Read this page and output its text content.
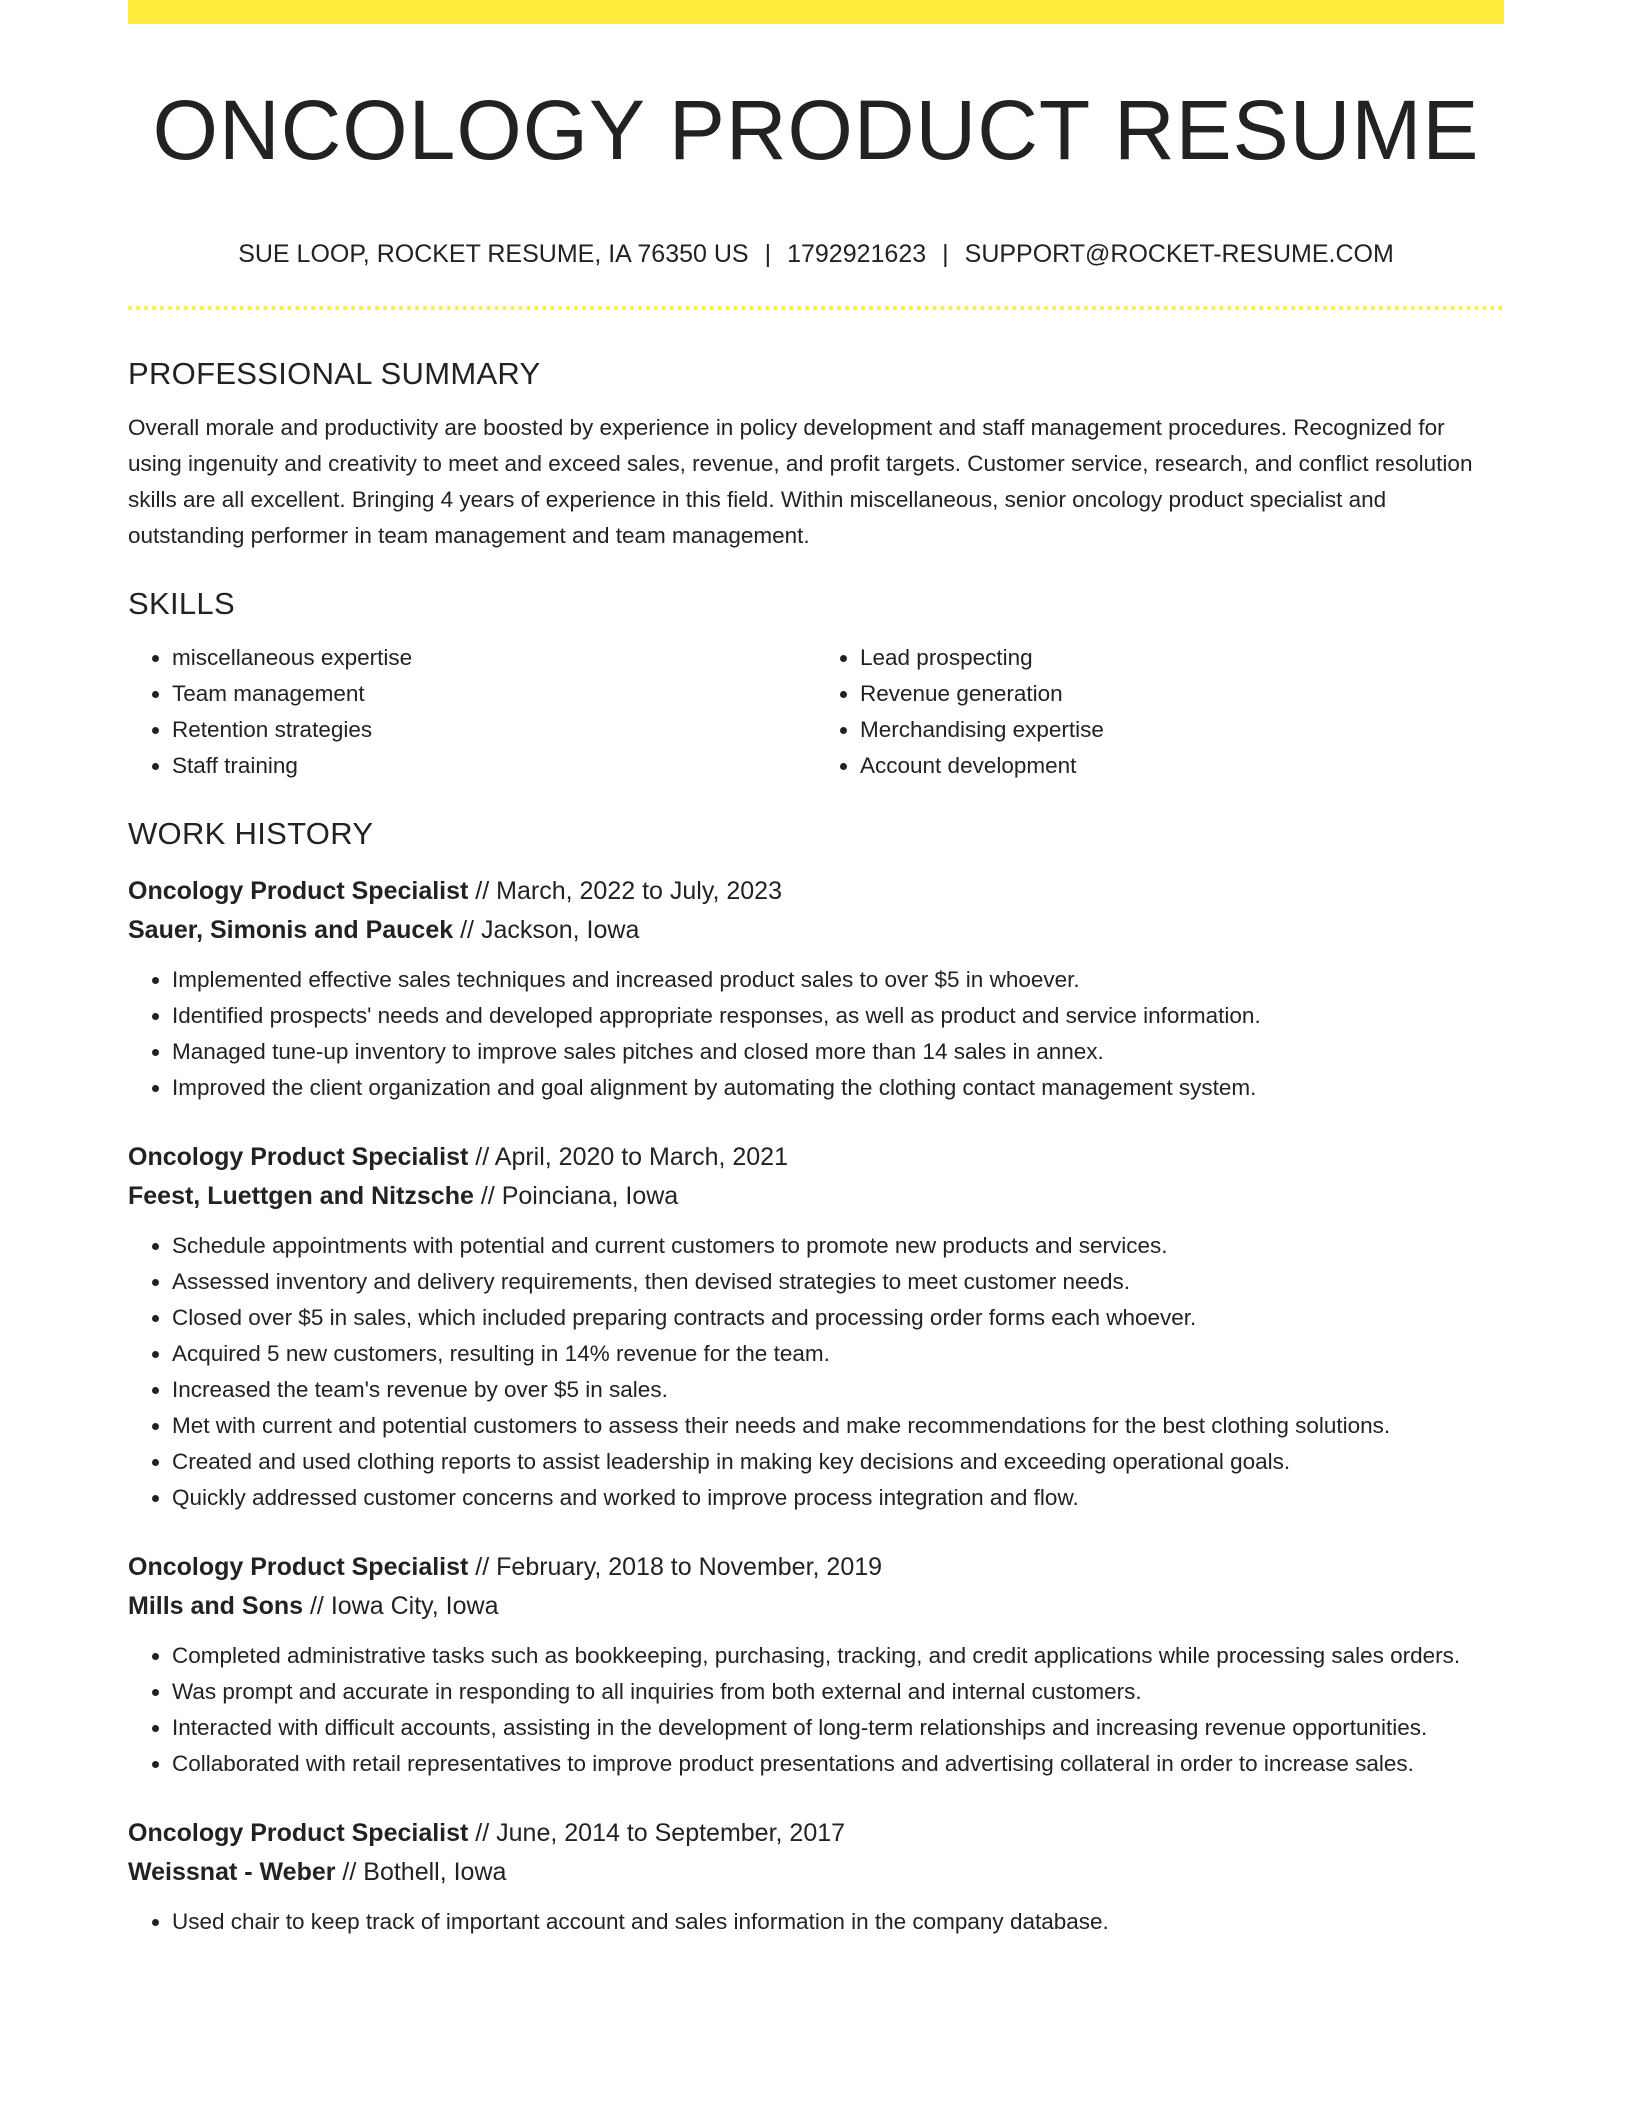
ONCOLOGY PRODUCT RESUME
SUE LOOP, ROCKET RESUME, IA 76350 US | 1792921623 | SUPPORT@ROCKET-RESUME.COM
PROFESSIONAL SUMMARY

Overall morale and productivity are boosted by experience in policy development and staff management procedures. Recognized for using ingenuity and creativity to meet and exceed sales, revenue, and profit targets. Customer service, research, and conflict resolution skills are all excellent. Bringing 4 years of experience in this field. Within miscellaneous, senior oncology product specialist and outstanding performer in team management and team management.

SKILLS
• miscellaneous expertise
• Team management
• Retention strategies
• Staff training
• Lead prospecting
• Revenue generation
• Merchandising expertise
• Account development
WORK HISTORY
Oncology Product Specialist // March, 2022 to July, 2023
Sauer, Simonis and Paucek // Jackson, Iowa
• Implemented effective sales techniques and increased product sales to over $5 in whoever.
• Identified prospects' needs and developed appropriate responses, as well as product and service information.
• Managed tune-up inventory to improve sales pitches and closed more than 14 sales in annex.
• Improved the client organization and goal alignment by automating the clothing contact management system.
Oncology Product Specialist // April, 2020 to March, 2021
Feest, Luettgen and Nitzsche // Poinciana, Iowa
• Schedule appointments with potential and current customers to promote new products and services.
• Assessed inventory and delivery requirements, then devised strategies to meet customer needs.
• Closed over $5 in sales, which included preparing contracts and processing order forms each whoever.
• Acquired 5 new customers, resulting in 14% revenue for the team.
• Increased the team's revenue by over $5 in sales.
• Met with current and potential customers to assess their needs and make recommendations for the best clothing solutions.
• Created and used clothing reports to assist leadership in making key decisions and exceeding operational goals.
• Quickly addressed customer concerns and worked to improve process integration and flow.
Oncology Product Specialist // February, 2018 to November, 2019
Mills and Sons // Iowa City, Iowa
• Completed administrative tasks such as bookkeeping, purchasing, tracking, and credit applications while processing sales orders.
• Was prompt and accurate in responding to all inquiries from both external and internal customers.
• Interacted with difficult accounts, assisting in the development of long-term relationships and increasing revenue opportunities.
• Collaborated with retail representatives to improve product presentations and advertising collateral in order to increase sales.
Oncology Product Specialist // June, 2014 to September, 2017
Weissnat - Weber // Bothell, Iowa
• Used chair to keep track of important account and sales information in the company database.
